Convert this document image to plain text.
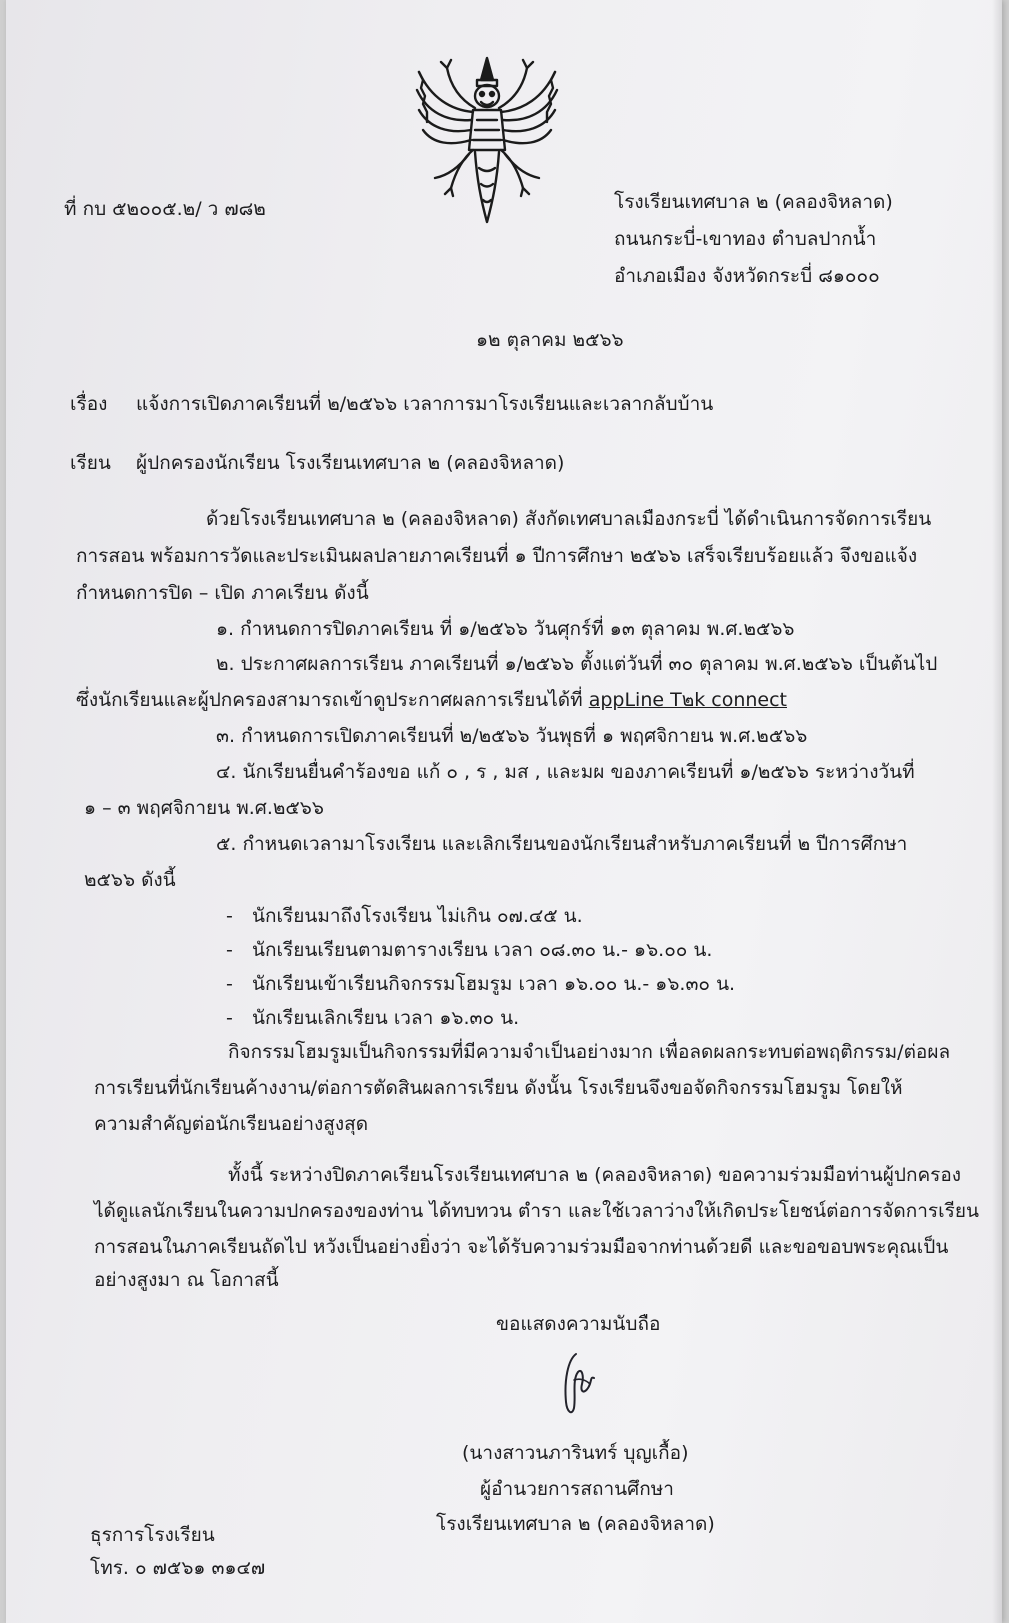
ที่ กบ ๕๒๐๐๕.๒/ ว ๗๘๒	โรงเรียนเทศบาล ๒ (คลองจิหลาด)
ถนนกระบี่-เขาทอง ตำบลปากน้ำ
อำเภอเมือง จังหวัดกระบี่ ๘๑๐๐๐
๑๒ ตุลาคม ๒๕๖๖
เรื่อง แจ้งการเปิดภาคเรียนที่ ๒/๒๕๖๖ เวลาการมาโรงเรียนและเวลากลับบ้าน
เรียน ผู้ปกครองนักเรียน โรงเรียนเทศบาล ๒ (คลองจิหลาด)
ด้วยโรงเรียนเทศบาล ๒ (คลองจิหลาด) สังกัดเทศบาลเมืองกระบี่ ได้ดำเนินการจัดการเรียน
การสอน พร้อมการวัดและประเมินผลปลายภาคเรียนที่ ๑ ปีการศึกษา ๒๕๖๖ เสร็จเรียบร้อยแล้ว จึงขอแจ้ง
กำหนดการปิด – เปิด ภาคเรียน ดังนี้
๑. กำหนดการปิดภาคเรียน ที่ ๑/๒๕๖๖ วันศุกร์ที่ ๑๓ ตุลาคม พ.ศ.๒๕๖๖
๒. ประกาศผลการเรียน ภาคเรียนที่ ๑/๒๕๖๖ ตั้งแต่วันที่ ๓๐ ตุลาคม พ.ศ.๒๕๖๖ เป็นต้นไป
ซึ่งนักเรียนและผู้ปกครองสามารถเข้าดูประกาศผลการเรียนได้ที่ appLine T๒k connect
๓. กำหนดการเปิดภาคเรียนที่ ๒/๒๕๖๖ วันพุธที่ ๑ พฤศจิกายน พ.ศ.๒๕๖๖
๔. นักเรียนยื่นคำร้องขอ แก้ ๐ , ร , มส , และมผ ของภาคเรียนที่ ๑/๒๕๖๖ ระหว่างวันที่
๑ – ๓ พฤศจิกายน พ.ศ.๒๕๖๖
๕. กำหนดเวลามาโรงเรียน และเลิกเรียนของนักเรียนสำหรับภาคเรียนที่ ๒ ปีการศึกษา
๒๕๖๖ ดังนี้
- นักเรียนมาถึงโรงเรียน ไม่เกิน ๐๗.๔๕ น.
- นักเรียนเรียนตามตารางเรียน เวลา ๐๘.๓๐ น.- ๑๖.๐๐ น.
- นักเรียนเข้าเรียนกิจกรรมโฮมรูม เวลา ๑๖.๐๐ น.- ๑๖.๓๐ น.
- นักเรียนเลิกเรียน เวลา ๑๖.๓๐ น.
กิจกรรมโฮมรูมเป็นกิจกรรมที่มีความจำเป็นอย่างมาก เพื่อลดผลกระทบต่อพฤติกรรม/ต่อผล
การเรียนที่นักเรียนค้างงาน/ต่อการตัดสินผลการเรียน ดังนั้น โรงเรียนจึงขอจัดกิจกรรมโฮมรูม โดยให้
ความสำคัญต่อนักเรียนอย่างสูงสุด
ทั้งนี้ ระหว่างปิดภาคเรียนโรงเรียนเทศบาล ๒ (คลองจิหลาด) ขอความร่วมมือท่านผู้ปกครอง
ได้ดูแลนักเรียนในความปกครองของท่าน ได้ทบทวน ตำรา และใช้เวลาว่างให้เกิดประโยชน์ต่อการจัดการเรียน
การสอนในภาคเรียนถัดไป หวังเป็นอย่างยิ่งว่า จะได้รับความร่วมมือจากท่านด้วยดี และขอขอบพระคุณเป็น
อย่างสูงมา ณ โอกาสนี้
ขอแสดงความนับถือ
(นางสาวนภารินทร์ บุญเกื้อ)
ผู้อำนวยการสถานศึกษา
โรงเรียนเทศบาล ๒ (คลองจิหลาด)
ธุรการโรงเรียน
โทร. ๐ ๗๕๖๑ ๓๑๔๗
